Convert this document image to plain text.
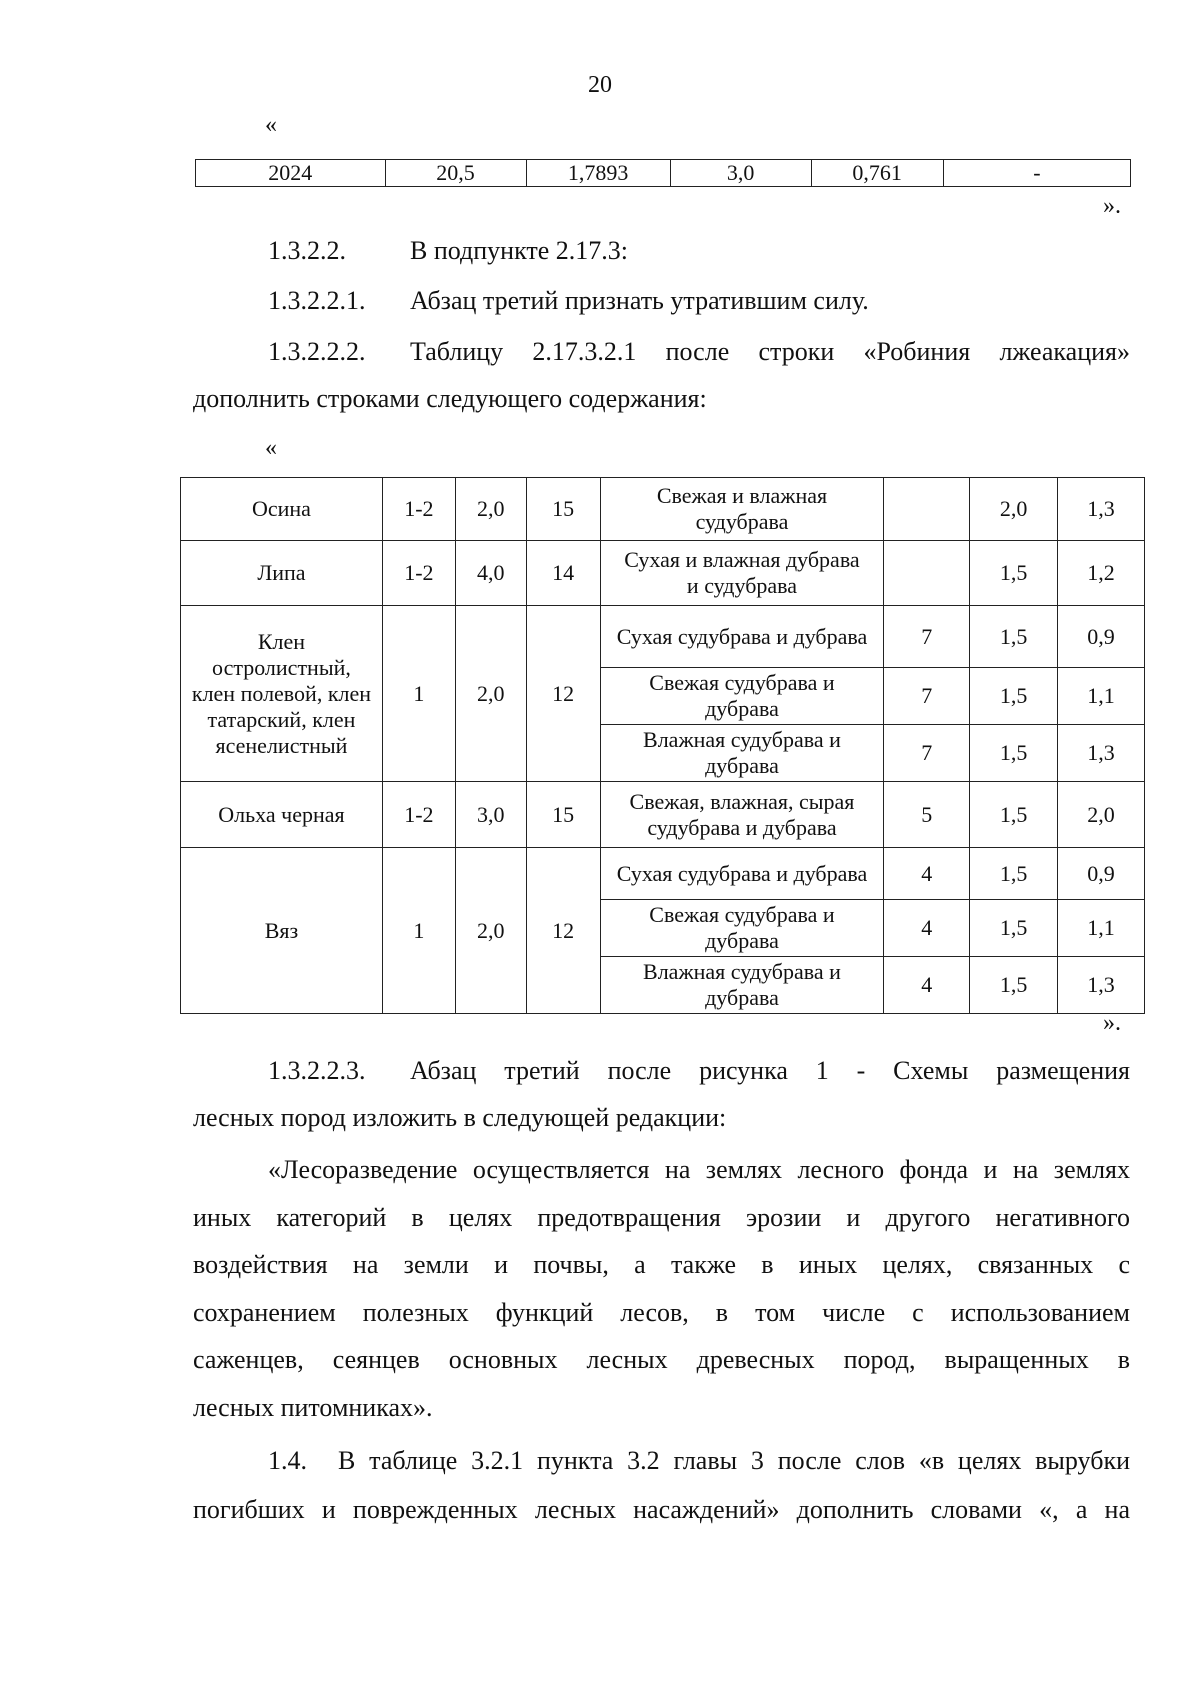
20
«
2024	20,5	1,7893	3,0	0,761	-
».
1.3.2.2. В подпункте 2.17.3:
1.3.2.2.1. Абзац третий признать утратившим силу.
1.3.2.2.2. Таблицу 2.17.3.2.1 после строки «Робиния лжеакация»
дополнить строками следующего содержания:
«
Осина	1-2	2,0	15	Свежая и влажная судубрава		2,0	1,3
Липа	1-2	4,0	14	Сухая и влажная дубрава и судубрава		1,5	1,2
Клен остролистный, клен полевой, клен татарский, клен ясенелистный	1	2,0	12	Сухая судубрава и дубрава	7	1,5	0,9
				Свежая судубрава и дубрава	7	1,5	1,1
				Влажная судубрава и дубрава	7	1,5	1,3
Ольха черная	1-2	3,0	15	Свежая, влажная, сырая судубрава и дубрава	5	1,5	2,0
Вяз	1	2,0	12	Сухая судубрава и дубрава	4	1,5	0,9
				Свежая судубрава и дубрава	4	1,5	1,1
				Влажная судубрава и дубрава	4	1,5	1,3
».
1.3.2.2.3. Абзац третий после рисунка 1 - Схемы размещения
лесных пород изложить в следующей редакции:
«Лесоразведение осуществляется на землях лесного фонда и на землях
иных категорий в целях предотвращения эрозии и другого негативного
воздействия на земли и почвы, а также в иных целях, связанных с
сохранением полезных функций лесов, в том числе с использованием
саженцев, сеянцев основных лесных древесных пород, выращенных в
лесных питомниках».
1.4. В таблице 3.2.1 пункта 3.2 главы 3 после слов «в целях вырубки
погибших и поврежденных лесных насаждений» дополнить словами «, а на
